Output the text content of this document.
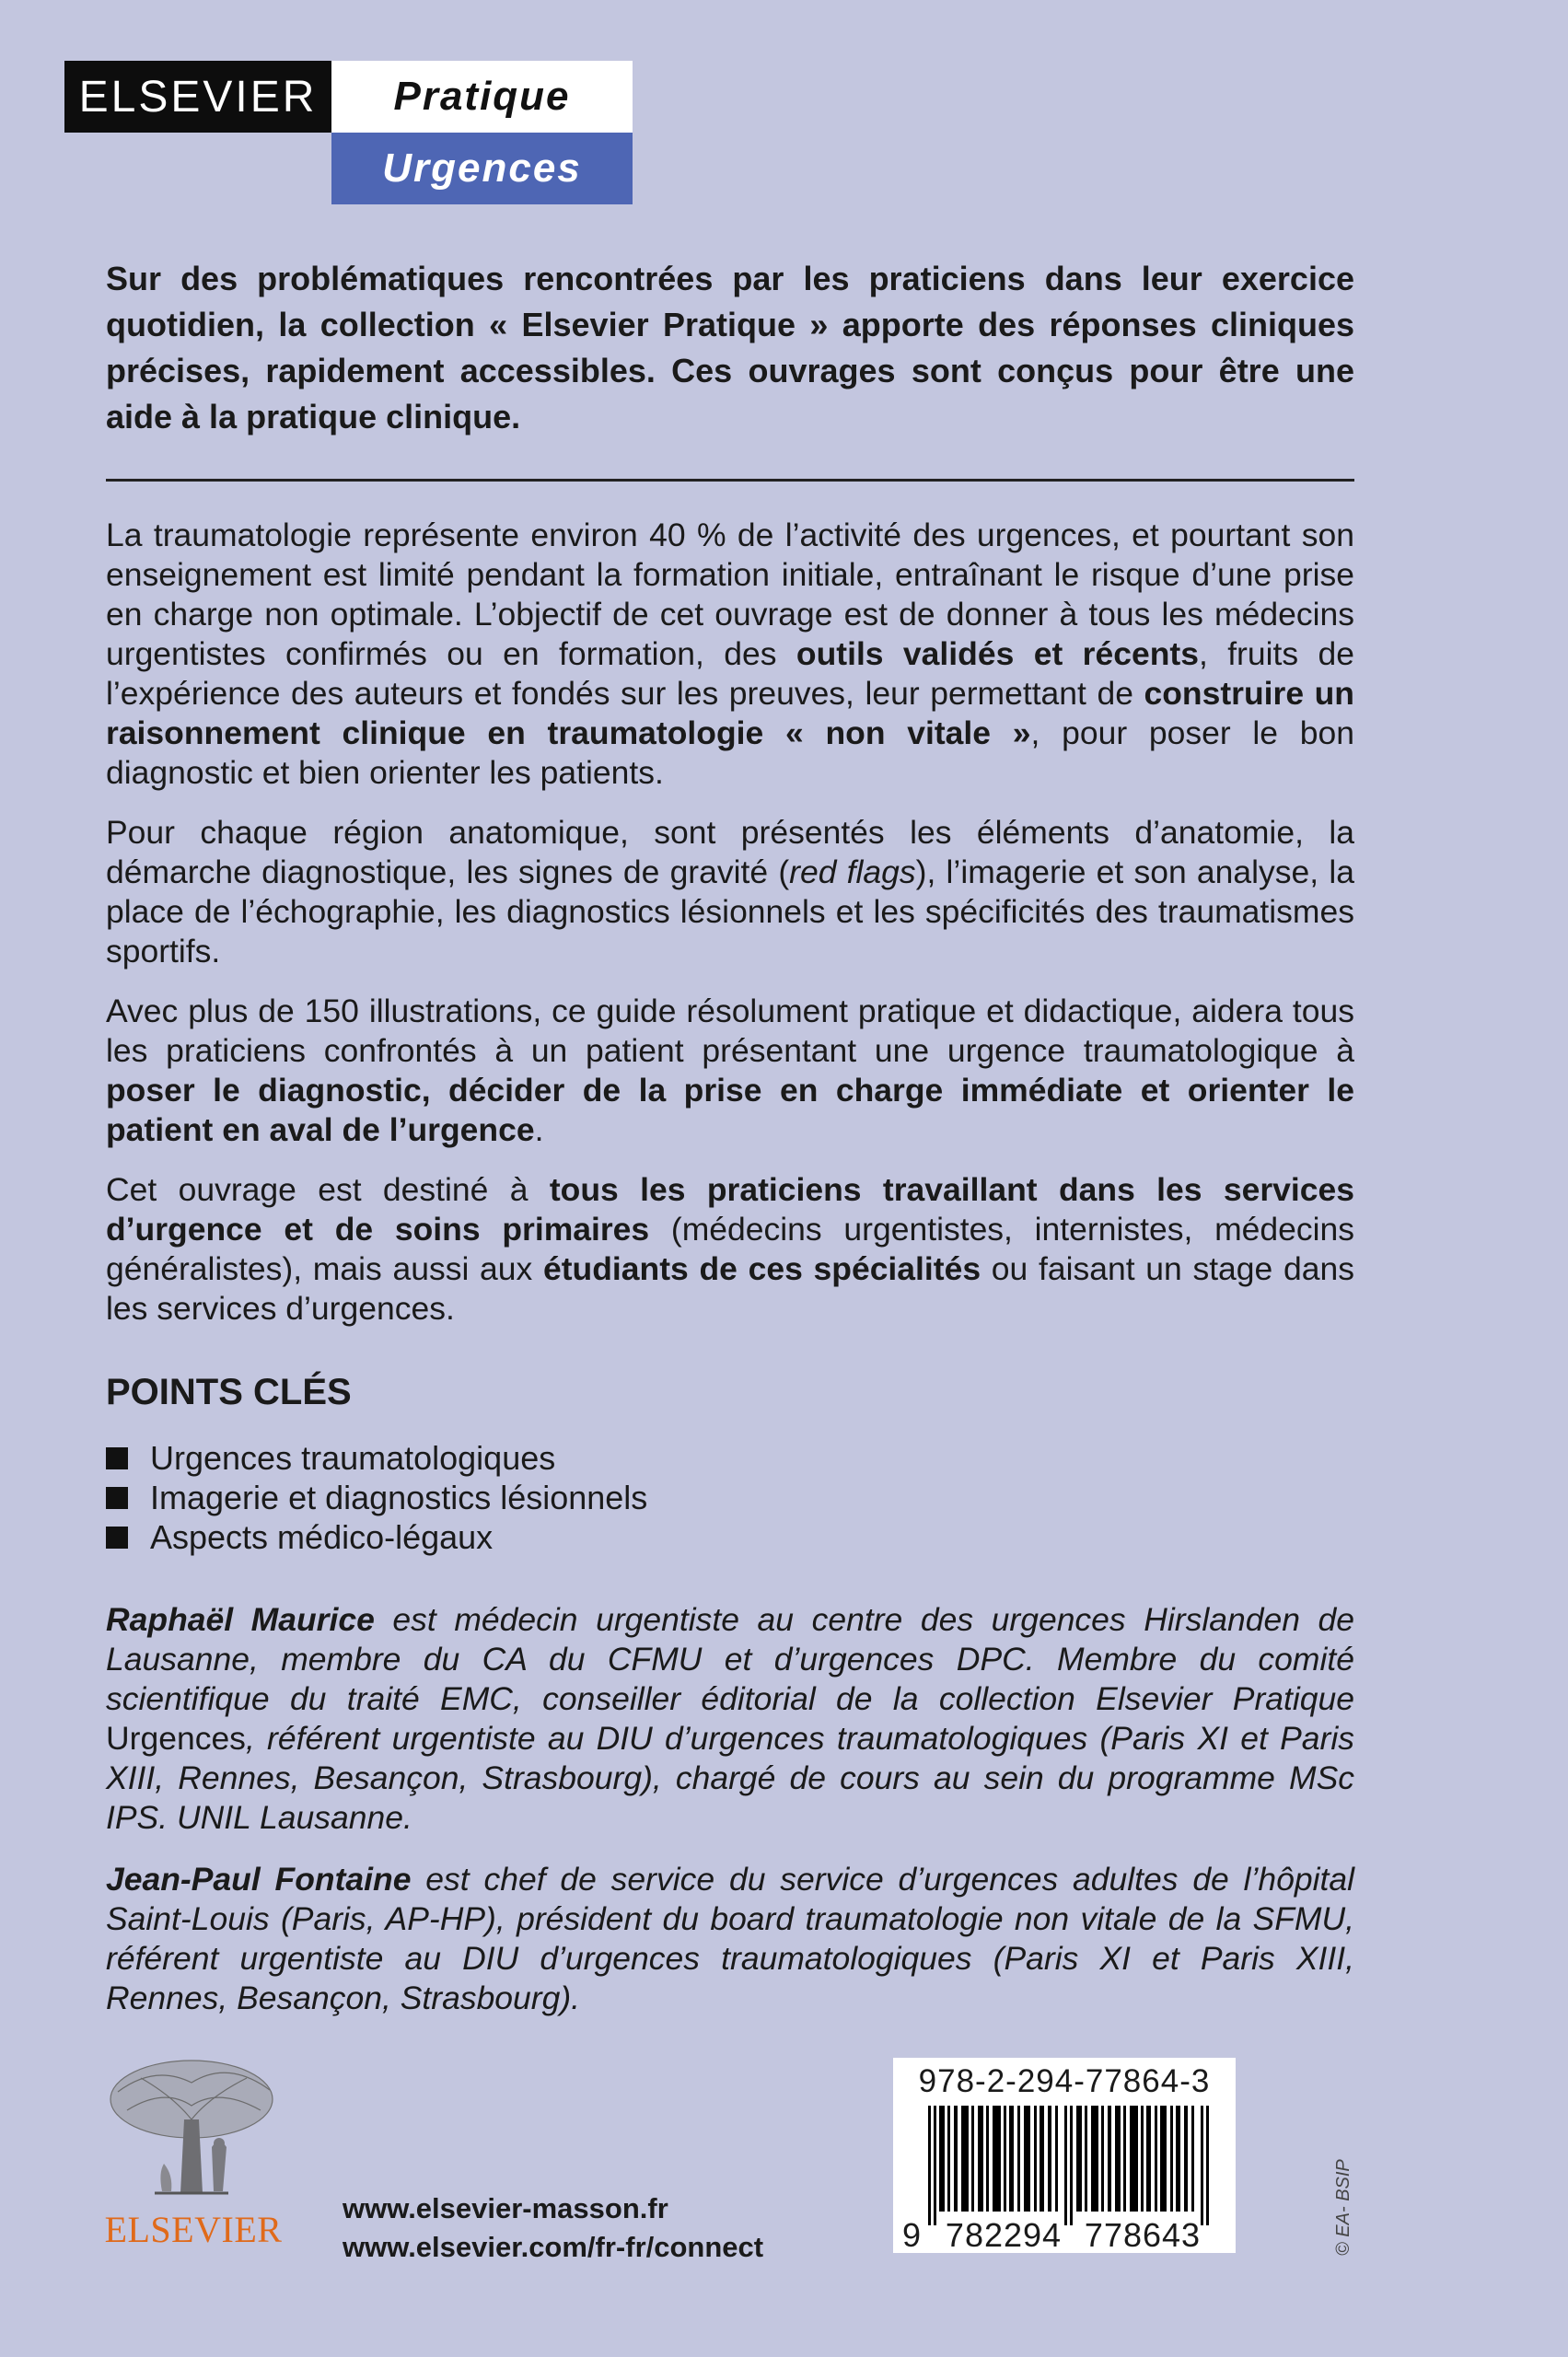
ELSEVIER	Pratique
Urgences

Sur des problématiques rencontrées par les praticiens dans leur exercice quotidien, la collection « Elsevier Pratique » apporte des réponses cliniques précises, rapidement accessibles. Ces ouvrages sont conçus pour être une aide à la pratique clinique.

La traumatologie représente environ 40 % de l’activité des urgences, et pourtant son enseignement est limité pendant la formation initiale, entraînant le risque d’une prise en charge non optimale. L’objectif de cet ouvrage est de donner à tous les médecins urgentistes confirmés ou en formation, des outils validés et récents, fruits de l’expérience des auteurs et fondés sur les preuves, leur permettant de construire un raisonnement clinique en traumatologie « non vitale », pour poser le bon diagnostic et bien orienter les patients.

Pour chaque région anatomique, sont présentés les éléments d’anatomie, la démarche diagnostique, les signes de gravité (red flags), l’imagerie et son analyse, la place de l’échographie, les diagnostics lésionnels et les spécificités des traumatismes sportifs.

Avec plus de 150 illustrations, ce guide résolument pratique et didactique, aidera tous les praticiens confrontés à un patient présentant une urgence traumatologique à poser le diagnostic, décider de la prise en charge immédiate et orienter le patient en aval de l’urgence.

Cet ouvrage est destiné à tous les praticiens travaillant dans les services d’urgence et de soins primaires (médecins urgentistes, internistes, médecins généralistes), mais aussi aux étudiants de ces spécialités ou faisant un stage dans les services d’urgences.

POINTS CLÉS
Urgences traumatologiques
Imagerie et diagnostics lésionnels
Aspects médico-légaux

Raphaël Maurice est médecin urgentiste au centre des urgences Hirslanden de Lausanne, membre du CA du CFMU et d’urgences DPC. Membre du comité scientifique du traité EMC, conseiller éditorial de la collection Elsevier Pratique Urgences, référent urgentiste au DIU d’urgences traumatologiques (Paris XI et Paris XIII, Rennes, Besançon, Strasbourg), chargé de cours au sein du programme MSc IPS. UNIL Lausanne.

Jean-Paul Fontaine est chef de service du service d’urgences adultes de l’hôpital Saint-Louis (Paris, AP-HP), président du board traumatologie non vitale de la SFMU, référent urgentiste au DIU d’urgences traumatologiques (Paris XI et Paris XIII, Rennes, Besançon, Strasbourg).

ELSEVIER
www.elsevier-masson.fr
www.elsevier.com/fr-fr/connect
978-2-294-77864-3
9 782294 778643	© EA- BSIP
